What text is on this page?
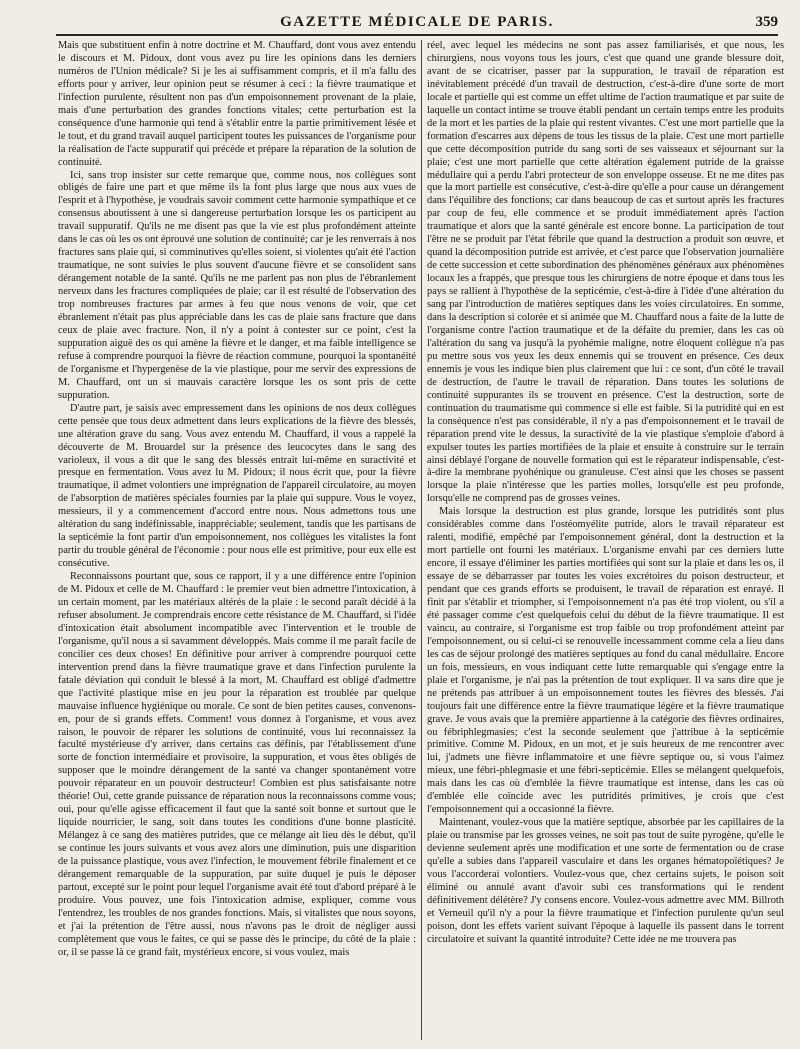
GAZETTE MÉDICALE DE PARIS.	359

Mais que substituent enfin à notre doctrine et M. Chauffard, dont vous avez entendu le discours et M. Pidoux, dont vous avez pu lire les opinions dans les derniers numéros de l'Union médicale? Si je les ai suffisamment compris, et il m'a fallu des efforts pour y arriver, leur opinion peut se résumer à ceci : la fièvre traumatique et l'infection purulente, résultent non pas d'un empoisonnement provenant de la plaie, mais d'une perturbation des grandes fonctions vitales; cette perturbation est la conséquence d'une harmonie qui tend à s'établir entre la partie primitivement lésée et le tout, et du grand travail auquel participent toutes les puissances de l'organisme pour la réalisation de l'acte suppuratif qui précède et prépare la réparation de la solution de continuité.

Ici, sans trop insister sur cette remarque que, comme nous, nos collègues sont obligés de faire une part et que même ils la font plus large que nous aux vues de l'esprit et à l'hypothèse, je voudrais savoir comment cette harmonie sympathique et ce consensus aboutissent à une si dangereuse perturbation lorsque les os participent au travail suppuratif. Qu'ils ne me disent pas que la vie est plus profondément atteinte dans le cas où les os ont éprouvé une solution de continuité; car je les renverrais à nos fractures sans plaie qui, si comminutives qu'elles soient, si violentes qu'ait été l'action traumatique, ne sont suivies le plus souvent d'aucune fièvre et se consolident sans dérangement notable de la santé. Qu'ils ne me parlent pas non plus de l'ébranlement nerveux dans les fractures compliquées de plaie; car il est résulté de l'observation des trop nombreuses fractures par armes à feu que nous venons de voir, que cet ébranlement n'était pas plus appréciable dans les cas de plaie sans fracture que dans ceux de plaie avec fracture. Non, il n'y a point à contester sur ce point, c'est la suppuration aiguë des os qui amène la fièvre et le danger, et ma faible intelligence se refuse à comprendre pourquoi la fièvre de réaction commune, pourquoi la spontanéité de l'organisme et l'hypergenèse de la vie plastique, pour me servir des expressions de M. Chauffard, ont un si mauvais caractère lorsque les os sont pris de cette suppuration.

D'autre part, je saisis avec empressement dans les opinions de nos deux collègues cette pensée que tous deux admettent dans leurs explications de la fièvre des blessés, une altération grave du sang. Vous avez entendu M. Chauffard, il vous a rappelé la découverte de M. Brouardel sur la présence des leucocytes dans le sang des varioleux, il vous a dit que le sang des blessés entrait lui-même en suractivité et presque en fermentation. Vous avez lu M. Pidoux; il nous écrit que, pour la fièvre traumatique, il admet volontiers une imprégnation de l'appareil circulatoire, au moyen de l'absorption de matières spéciales fournies par la plaie qui suppure. Vous le voyez, messieurs, il y a commencement d'accord entre nous. Nous admettons tous une altération du sang indéfinissable, inappréciable; seulement, tandis que les partisans de la septicémie la font partir d'un empoisonnement, nos collègues les vitalistes la font partir du trouble général de l'économie : pour nous elle est primitive, pour eux elle est consécutive.

Reconnaissons pourtant que, sous ce rapport, il y a une différence entre l'opinion de M. Pidoux et celle de M. Chauffard : le premier veut bien admettre l'intoxication, à un certain moment, par les matériaux altérés de la plaie : le second paraît décidé à la refuser absolument. Je comprendrais encore cette résistance de M. Chauffard, si l'idée d'intoxication était absolument incompatible avec l'intervention et le trouble de l'organisme, qu'il nous a si savamment développés. Mais comme il me paraît facile de concilier ces deux choses! En définitive pour arriver à comprendre pourquoi cette intervention prend dans la fièvre traumatique grave et dans l'infection purulente la fatale déviation qui conduit le blessé à la mort, M. Chauffard est obligé d'admettre que l'activité plastique mise en jeu pour la réparation est troublée par quelque mauvaise influence hygiénique ou morale. Ce sont de bien petites causes, convenons-en, pour de si grands effets. Comment! vous donnez à l'organisme, et vous avez raison, le pouvoir de réparer les solutions de continuité, vous lui reconnaissez la faculté mystérieuse d'y arriver, dans certains cas définis, par l'établissement d'une sorte de fonction intermédiaire et provisoire, la suppuration, et vous êtes obligés de supposer que le moindre dérangement de la santé va changer spontanément votre pouvoir réparateur en un pouvoir destructeur! Combien est plus satisfaisante notre théorie! Oui, cette grande puissance de réparation nous la reconnaissons comme vous; oui, pour qu'elle agisse efficacement il faut que la santé soit bonne et surtout que le liquide nourricier, le sang, soit dans toutes les conditions d'une bonne plasticité. Mélangez à ce sang des matières putrides, que ce mélange ait lieu dès le début, qu'il se continue les jours suivants et vous avez alors une diminution, puis une disparition de la puissance plastique, vous avez l'infection, le mouvement fébrile finalement et ce dérangement remarquable de la suppuration, par suite duquel je puis le déposer partout, excepté sur le point pour lequel l'organisme avait été tout d'abord préparé à le produire. Vous pouvez, une fois l'intoxication admise, expliquer, comme vous l'entendrez, les troubles de nos grandes fonctions. Mais, si vitalistes que nous soyons, et j'ai la prétention de l'être aussi, nous n'avons pas le droit de négliger aussi complètement que vous le faites, ce qui se passe dès le principe, du côté de la plaie : or, il se passe là ce grand fait, mystérieux encore, si vous voulez, mais

réel, avec lequel les médecins ne sont pas assez familiarisés, et que nous, les chirurgiens, nous voyons tous les jours, c'est que quand une grande blessure doit, avant de se cicatriser, passer par la suppuration, le travail de réparation est inévitablement précédé d'un travail de destruction, c'est-à-dire d'une sorte de mort locale et partielle qui est comme un effet ultime de l'action traumatique et par suite de laquelle un contact intime se trouve établi pendant un certain temps entre les produits de la mort et les parties de la plaie qui restent vivantes. C'est une mort partielle que la formation d'escarres aux dépens de tous les tissus de la plaie. C'est une mort partielle que cette décomposition putride du sang sorti de ses vaisseaux et séjournant sur la plaie; c'est une mort partielle que cette altération également putride de la graisse médullaire qui a perdu l'abri protecteur de son enveloppe osseuse. Et ne me dites pas que la mort partielle est consécutive, c'est-à-dire qu'elle a pour cause un dérangement dans l'équilibre des fonctions; car dans beaucoup de cas et surtout après les fractures par coup de feu, elle commence et se produit immédiatement après l'action traumatique et alors que la santé générale est encore bonne. La participation de tout l'être ne se produit par l'état fébrile que quand la destruction a produit son œuvre, et quand la décomposition putride est arrivée, et c'est parce que l'observation journalière de cette succession et cette subordination des phénomènes généraux aux phénomènes locaux les a frappés, que presque tous les chirurgiens de notre époque et dans tous les pays se rallient à l'hypothèse de la septicémie, c'est-à-dire à l'idée d'une altération du sang par l'introduction de matières septiques dans les voies circulatoires. En somme, dans la description si colorée et si animée que M. Chauffard nous a faite de la lutte de l'organisme contre l'action traumatique et de la défaite du premier, dans les cas où l'altération du sang va jusqu'à la pyohémie maligne, notre éloquent collègue n'a pas pu mettre sous vos yeux les deux ennemis qui se trouvent en présence. Ces deux ennemis je vous les indique bien plus clairement que lui : ce sont, d'un côté le travail de destruction, de l'autre le travail de réparation. Dans toutes les solutions de continuité suppurantes ils se trouvent en présence. C'est la destruction, sorte de continuation du traumatisme qui commence si elle est faible. Si la putridité qui en est la conséquence n'est pas considérable, il n'y a pas d'empoisonnement et le travail de réparation prend vite le dessus, la suractivité de la vie plastique s'emploie d'abord à expulser toutes les parties mortifiées de la plaie et ensuite à construire sur le terrain ainsi déblayé l'organe de nouvelle formation qui est le réparateur indispensable, c'est-à-dire la membrane pyohénique ou granuleuse. C'est ainsi que les choses se passent lorsque la plaie n'intéresse que les parties molles, lorsqu'elle est peu profonde, lorsqu'elle ne comprend pas de grosses veines.

Mais lorsque la destruction est plus grande, lorsque les putridités sont plus considérables comme dans l'ostéomyélite putride, alors le travail réparateur est ralenti, modifié, empêché par l'empoisonnement général, dont la destruction et la mort partielle ont fourni les matériaux. L'organisme envahi par ces derniers lutte encore, il essaye d'éliminer les parties mortifiées qui sont sur la plaie et dans les os, il essaye de se débarrasser par toutes les voies excrétoires du poison destructeur, et pendant que ces grands efforts se produisent, le travail de réparation est enrayé. Il finit par s'établir et triompher, si l'empoisonnement n'a pas été trop violent, ou s'il a été passager comme c'est quelquefois celui du début de la fièvre traumatique. Il est vaincu, au contraire, si l'organisme est trop faible ou trop profondément atteint par l'empoisonnement, ou si celui-ci se renouvelle incessamment comme cela a lieu dans les cas de séjour prolongé des matières septiques au fond du canal médullaire. Encore un fois, messieurs, en vous indiquant cette lutte remarquable qui s'engage entre la plaie et l'organisme, je n'ai pas la prétention de tout expliquer. Il va sans dire que je ne prétends pas attribuer à un empoisonnement toutes les fièvres des blessés. J'ai toujours fait une différence entre la fièvre traumatique légère et la fièvre traumatique grave. Je vous avais que la première appartienne à la catégorie des fièvres ordinaires, ou fébriphlegmasies; c'est la seconde seulement que j'attribue à la septicémie primitive. Comme M. Pidoux, en un mot, et je suis heureux de me rencontrer avec lui, j'admets une fièvre inflammatoire et une fièvre septique ou, si vous l'aimez mieux, une fébri-phlegmasie et une fébri-septicémie. Elles se mélangent quelquefois, mais dans les cas où d'emblée la fièvre traumatique est intense, dans les cas où d'emblée elle coïncide avec les putridités primitives, je crois que c'est l'empoisonnement qui a occasionné la fièvre.

Maintenant, voulez-vous que la matière septique, absorbée par les capillaires de la plaie ou transmise par les grosses veines, ne soit pas tout de suite pyrogène, qu'elle le devienne seulement après une modification et une sorte de fermentation ou de crase qu'elle a subies dans l'appareil vasculaire et dans les organes hématopoïétiques? Je vous l'accorderai volontiers. Voulez-vous que, chez certains sujets, le poison soit éliminé ou annulé avant d'avoir subi ces transformations qui le rendent définitivement délétère? J'y consens encore. Voulez-vous admettre avec MM. Billroth et Verneuil qu'il n'y a pour la fièvre traumatique et l'infection purulente qu'un seul poison, dont les effets varient suivant l'époque à laquelle ils passent dans le torrent circulatoire et suivant la quantité introduite? Cette idée ne me trouvera pas
